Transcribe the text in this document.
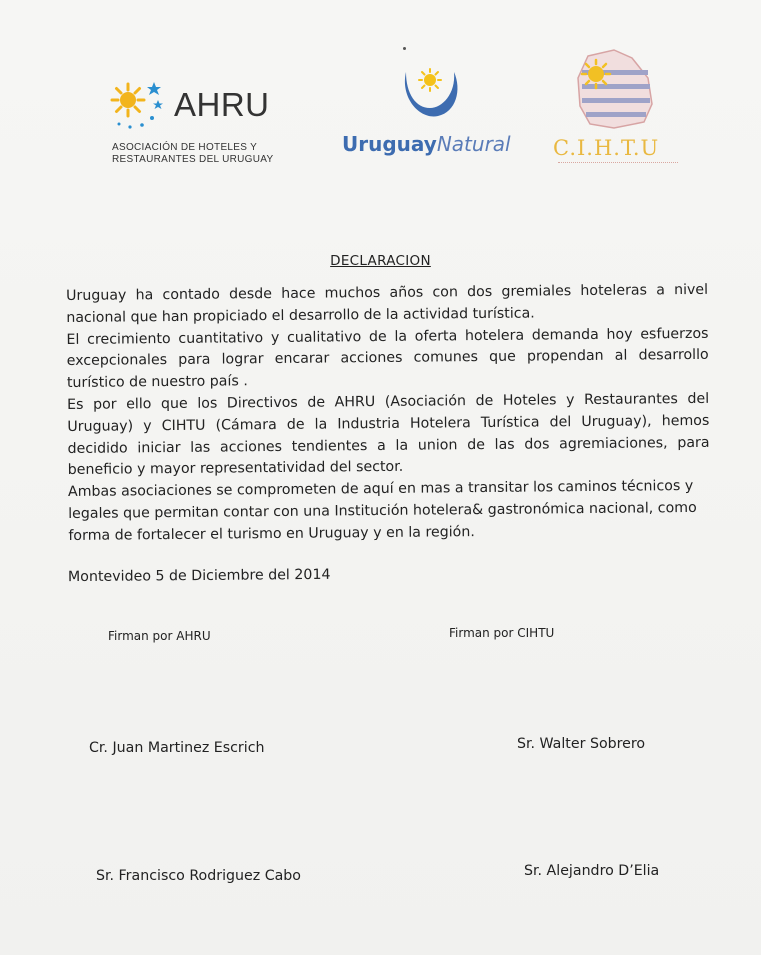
AHRU
ASOCIACIÓN DE HOTELES Y
RESTAURANTES DEL URUGUAY
UruguayNatural C.I.H.T.U
DECLARACION

Uruguay ha contado desde hace muchos años con dos gremiales hoteleras a nivel nacional que han propiciado el desarrollo de la actividad turística.

El crecimiento cuantitativo y cualitativo de la oferta hotelera demanda hoy esfuerzos excepcionales para lograr encarar acciones comunes que propendan al desarrollo turístico de nuestro país .

Es por ello que los Directivos de AHRU (Asociación de Hoteles y Restaurantes del Uruguay) y CIHTU (Cámara de la Industria Hotelera Turística del Uruguay), hemos decidido iniciar las acciones tendientes a la union de las dos agremiaciones, para beneficio y mayor representatividad del sector.

Ambas asociaciones se comprometen de aquí en mas a transitar los caminos técnicos y legales que permitan contar con una Institución hotelera& gastronómica nacional, como forma de fortalecer el turismo en Uruguay y en la región.

Montevideo 5 de Diciembre del 2014
Firman por AHRU	Firman por CIHTU
Cr. Juan Martinez Escrich	Sr. Walter Sobrero
Sr. Francisco Rodriguez Cabo	Sr. Alejandro D’Elia
